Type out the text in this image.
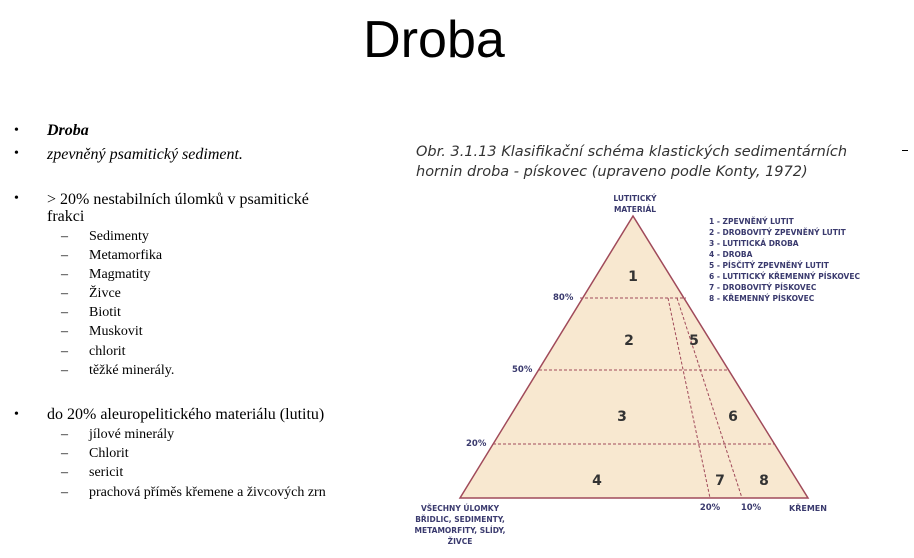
Droba
• Droba
• zpevněný psamitický sediment.
• > 20% nestabilních úlomků v psamitické
frakci
– Sedimenty
– Metamorfika
– Magmatity
– Živce
– Biotit
– Muskovit
– chlorit
– těžké minerály.
• do 20% aleuropelitického materiálu (lutitu)
– jílové minerály
– Chlorit
– sericit
– prachová příměs křemene a živcových zrn
Obr. 3.1.13 Klasifikační schéma klastických sedimentárních
hornin droba - pískovec (upraveno podle Konty, 1972)
80%
50%
20%
LUTITICKÝ
MATERIÁL
1
2
3
4
5
6
7 8
20% 10%	KŘEMEN
VŠECHNY ÚLOMKY
BŘIDLIC, SEDIMENTY,
METAMORFITY, SLÍDY,
ŽIVCE
1 - ZPEVNĚNÝ LUTIT
2 - DROBOVITÝ ZPEVNĚNÝ LUTIT
3 - LUTITICKÁ DROBA
4 - DROBA
5 - PÍSČITÝ ZPEVNĚNÝ LUTIT
6 - LUTITICKÝ KŘEMENNÝ PÍSKOVEC
7 - DROBOVITÝ PÍSKOVEC
8 - KŘEMENNÝ PÍSKOVEC
